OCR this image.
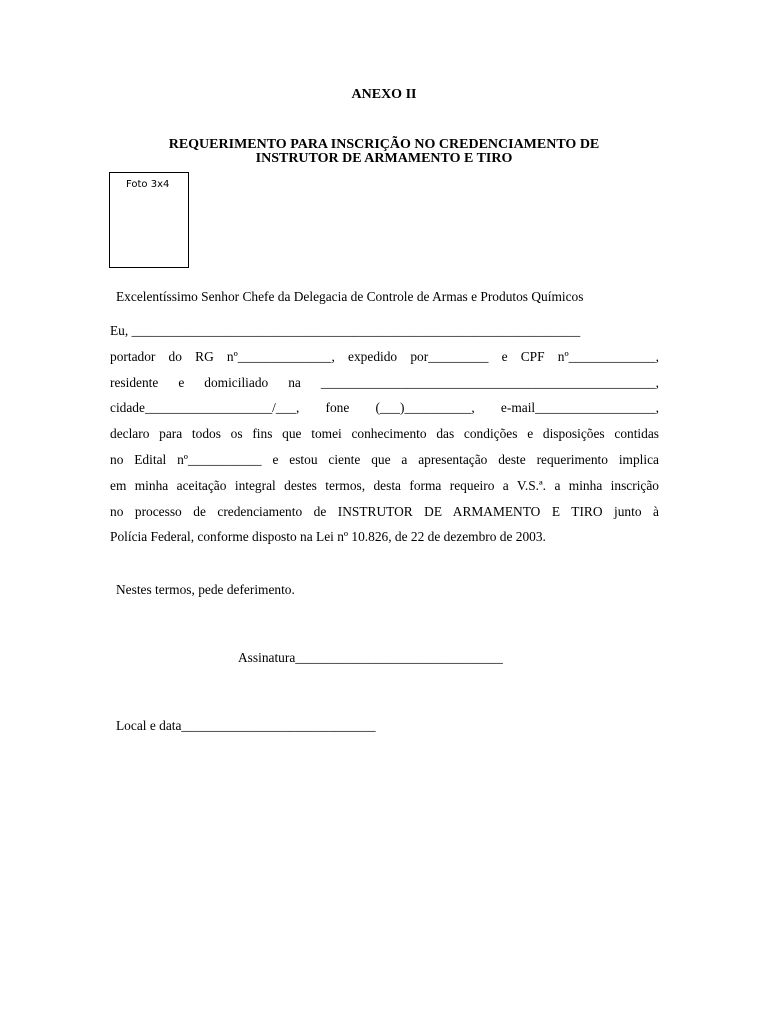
ANEXO II
REQUERIMENTO PARA INSCRIÇÃO NO CREDENCIAMENTO DE
INSTRUTOR DE ARMAMENTO E TIRO
Foto 3x4

Excelentíssimo Senhor Chefe da Delegacia de Controle de Armas e Produtos Químicos

Eu, ___________________________________________________________________
portador do RG nº______________, expedido por_________ e CPF nº_____________,
residente e domiciliado na __________________________________________________,
cidade___________________/___, fone (___)__________, e-mail__________________,
declaro para todos os fins que tomei conhecimento das condições e disposições contidas
no Edital nº___________ e estou ciente que a apresentação deste requerimento implica
em minha aceitação integral destes termos, desta forma requeiro a V.S.ª. a minha inscrição
no processo de credenciamento de INSTRUTOR DE ARMAMENTO E TIRO junto à
Polícia Federal, conforme disposto na Lei nº 10.826, de 22 de dezembro de 2003.

Nestes termos, pede deferimento.

Assinatura_______________________________

Local e data_____________________________
